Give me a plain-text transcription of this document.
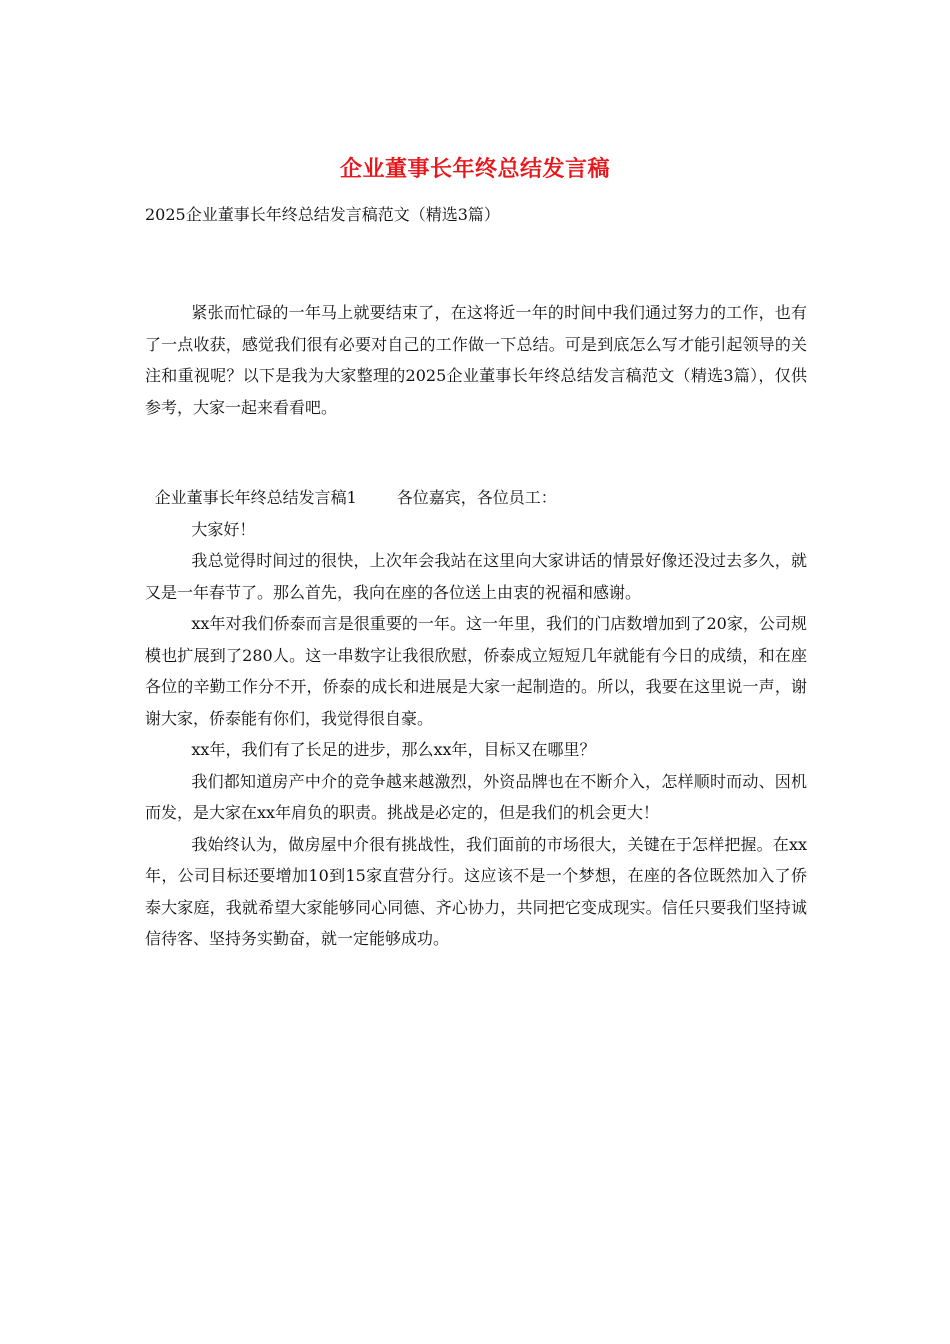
企业董事长年终总结发言稿
2025企业董事长年终总结发言稿范文（精选3篇）

紧张而忙碌的一年马上就要结束了，在这将近一年的时间中我们通过努力的工作，也有了一点收获，感觉我们很有必要对自己的工作做一下总结。可是到底怎么写才能引起领导的关注和重视呢？以下是我为大家整理的2025企业董事长年终总结发言稿范文（精选3篇），仅供参考，大家一起来看看吧。

企业董事长年终总结发言稿1	各位嘉宾，各位员工：

大家好！

我总觉得时间过的很快，上次年会我站在这里向大家讲话的情景好像还没过去多久，就又是一年春节了。那么首先，我向在座的各位送上由衷的祝福和感谢。

xx年对我们侨泰而言是很重要的一年。这一年里，我们的门店数增加到了20家，公司规模也扩展到了280人。这一串数字让我很欣慰，侨泰成立短短几年就能有今日的成绩，和在座各位的辛勤工作分不开，侨泰的成长和进展是大家一起制造的。所以，我要在这里说一声，谢谢大家，侨泰能有你们，我觉得很自豪。

xx年，我们有了长足的进步，那么xx年，目标又在哪里？

我们都知道房产中介的竞争越来越激烈，外资品牌也在不断介入，怎样顺时而动、因机而发，是大家在xx年肩负的职责。挑战是必定的，但是我们的机会更大！

我始终认为，做房屋中介很有挑战性，我们面前的市场很大，关键在于怎样把握。在xx年，公司目标还要增加10到15家直营分行。这应该不是一个梦想，在座的各位既然加入了侨泰大家庭，我就希望大家能够同心同德、齐心协力，共同把它变成现实。信任只要我们坚持诚信待客、坚持务实勤奋，就一定能够成功。
